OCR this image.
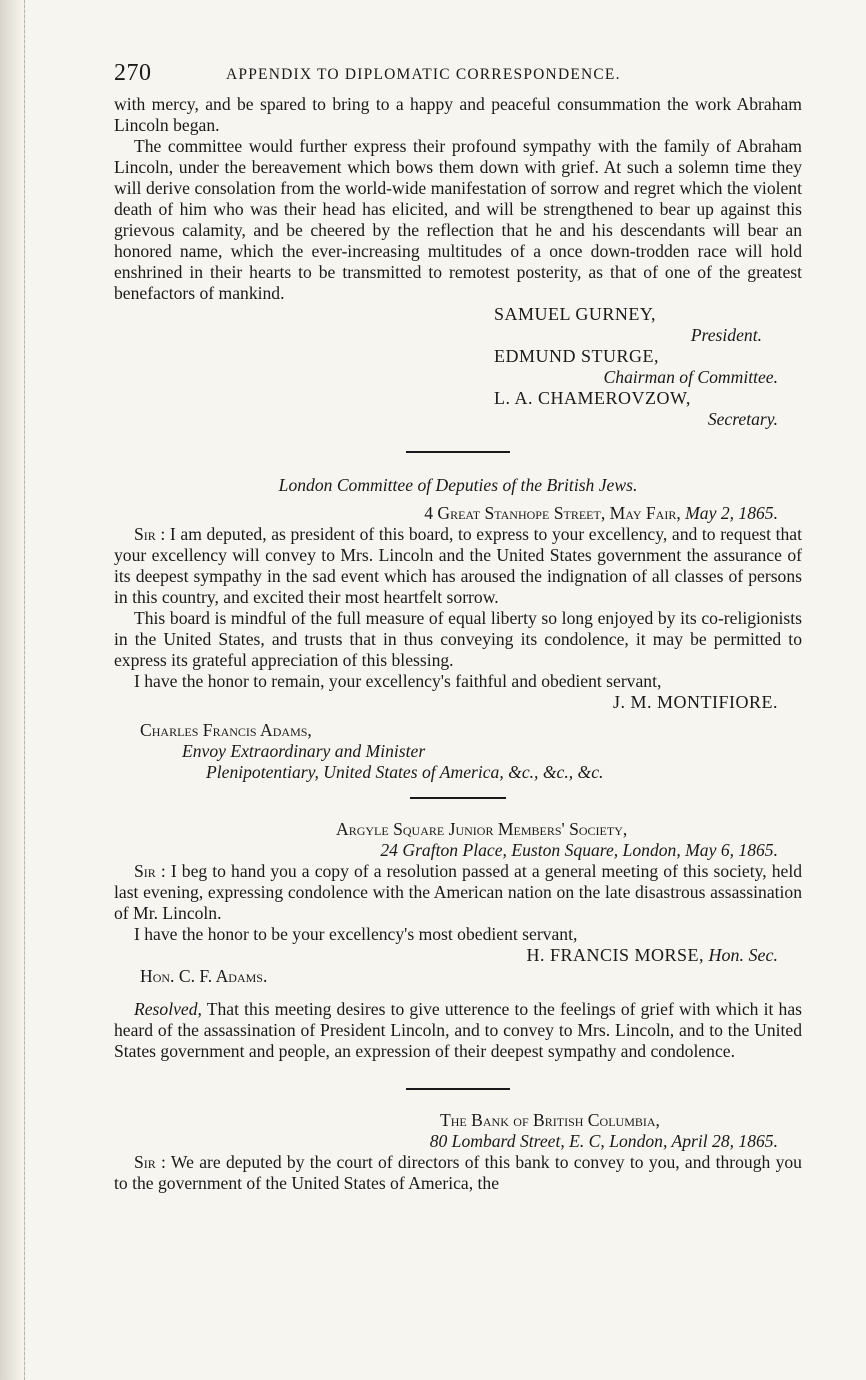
270	APPENDIX TO DIPLOMATIC CORRESPONDENCE.

with mercy, and be spared to bring to a happy and peaceful consummation the work Abraham Lincoln began.

The committee would further express their profound sympathy with the family of Abraham Lincoln, under the bereavement which bows them down with grief. At such a solemn time they will derive consolation from the world-wide manifestation of sorrow and regret which the violent death of him who was their head has elicited, and will be strengthened to bear up against this grievous calamity, and be cheered by the reflection that he and his descendants will bear an honored name, which the ever-increasing multitudes of a once down-trodden race will hold enshrined in their hearts to be transmitted to remotest posterity, as that of one of the greatest benefactors of mankind.

SAMUEL GURNEY,
President.
EDMUND STURGE,
Chairman of Committee.
L. A. CHAMEROVZOW,
Secretary.
London Committee of Deputies of the British Jews.
4 Great Stanhope Street, May Fair, May 2, 1865.

Sir : I am deputed, as president of this board, to express to your excellency, and to request that your excellency will convey to Mrs. Lincoln and the United States government the assurance of its deepest sympathy in the sad event which has aroused the indignation of all classes of persons in this country, and excited their most heartfelt sorrow.

This board is mindful of the full measure of equal liberty so long enjoyed by its co-religionists in the United States, and trusts that in thus conveying its condolence, it may be permitted to express its grateful appreciation of this blessing.

I have the honor to remain, your excellency's faithful and obedient servant,

J. M. MONTIFIORE.
Charles Francis Adams,
Envoy Extraordinary and Minister
Plenipotentiary, United States of America, &c., &c., &c.
Argyle Square Junior Members' Society,
24 Grafton Place, Euston Square, London, May 6, 1865.

Sir : I beg to hand you a copy of a resolution passed at a general meeting of this society, held last evening, expressing condolence with the American nation on the late disastrous assassination of Mr. Lincoln.

I have the honor to be your excellency's most obedient servant,

H. FRANCIS MORSE, Hon. Sec.
Hon. C. F. Adams.

Resolved, That this meeting desires to give utterence to the feelings of grief with which it has heard of the assassination of President Lincoln, and to convey to Mrs. Lincoln, and to the United States government and people, an expression of their deepest sympathy and condolence.

The Bank of British Columbia,
80 Lombard Street, E. C, London, April 28, 1865.

Sir : We are deputed by the court of directors of this bank to convey to you, and through you to the government of the United States of America, the
